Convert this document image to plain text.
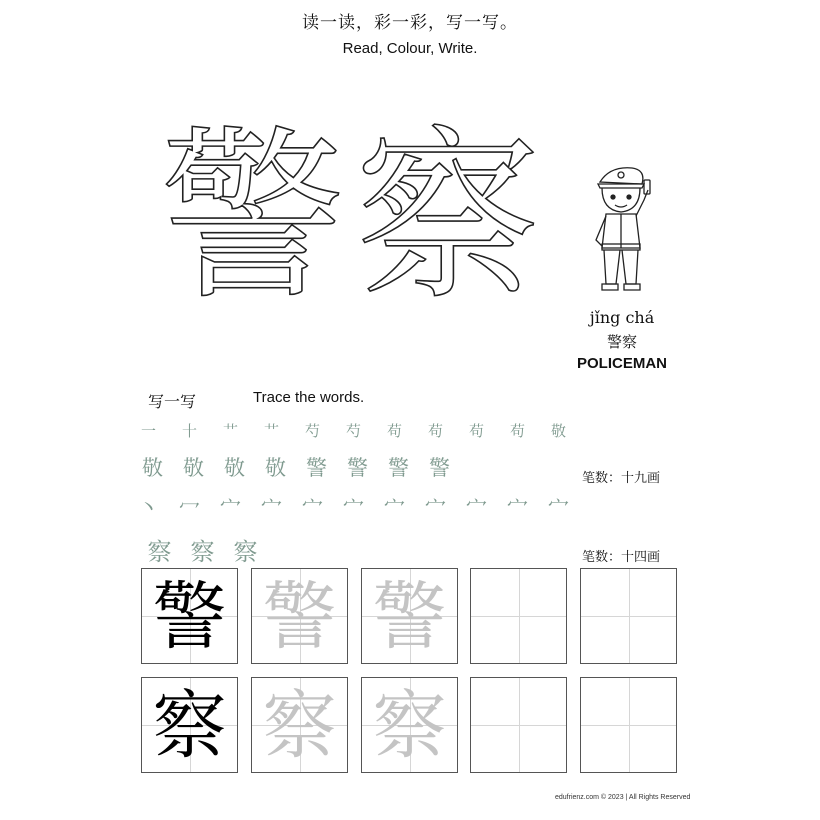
读一读，彩一彩，写一写。
Read, Colour, Write.
警 察	jǐng chá
警察
POLICEMAN
写一写	Trace the words.
一	十	艹	艹	芍	芍	苟	苟	苟	苟	敬
敬 敬 敬 敬 警 警 警 警	笔数：十九画
丶 冖 宀 宀 宀 宀 宀 宀 宀 宀 宀
察 察 察	笔数：十四画
警 警 警
察 察 察
edufrienz.com © 2023 | All Rights Reserved
